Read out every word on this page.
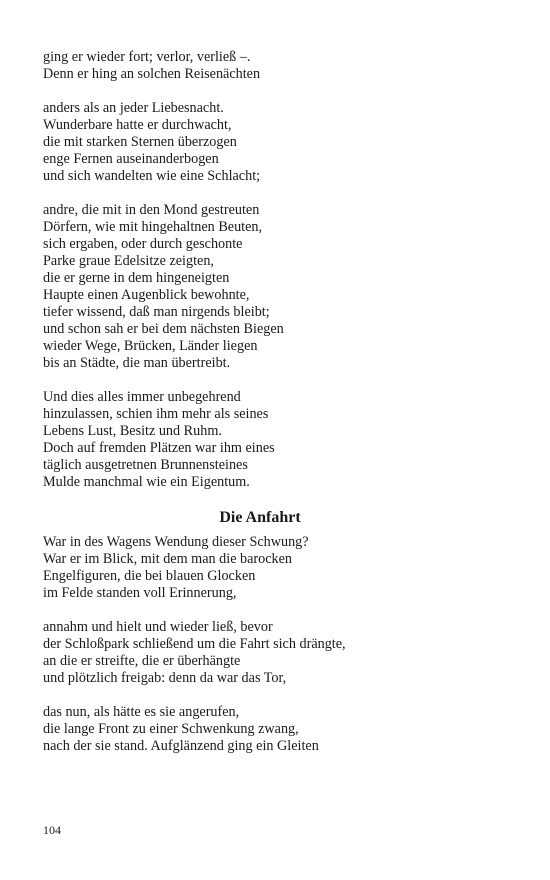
ging er wieder fort; verlor, verließ –.
Denn er hing an solchen Reisenächten
anders als an jeder Liebesnacht.
Wunderbare hatte er durchwacht,
die mit starken Sternen überzogen
enge Fernen auseinanderbogen
und sich wandelten wie eine Schlacht;
andre, die mit in den Mond gestreuten
Dörfern, wie mit hingehaltnen Beuten,
sich ergaben, oder durch geschonte
Parke graue Edelsitze zeigten,
die er gerne in dem hingeneigten
Haupte einen Augenblick bewohnte,
tiefer wissend, daß man nirgends bleibt;
und schon sah er bei dem nächsten Biegen
wieder Wege, Brücken, Länder liegen
bis an Städte, die man übertreibt.
Und dies alles immer unbegehrend
hinzulassen, schien ihm mehr als seines
Lebens Lust, Besitz und Ruhm.
Doch auf fremden Plätzen war ihm eines
täglich ausgetretnen Brunnensteines
Mulde manchmal wie ein Eigentum.
Die Anfahrt
War in des Wagens Wendung dieser Schwung?
War er im Blick, mit dem man die barocken
Engelfiguren, die bei blauen Glocken
im Felde standen voll Erinnerung,
annahm und hielt und wieder ließ, bevor
der Schloßpark schließend um die Fahrt sich drängte,
an die er streifte, die er überhängte
und plötzlich freigab: denn da war das Tor,
das nun, als hätte es sie angerufen,
die lange Front zu einer Schwenkung zwang,
nach der sie stand. Aufglänzend ging ein Gleiten
104
